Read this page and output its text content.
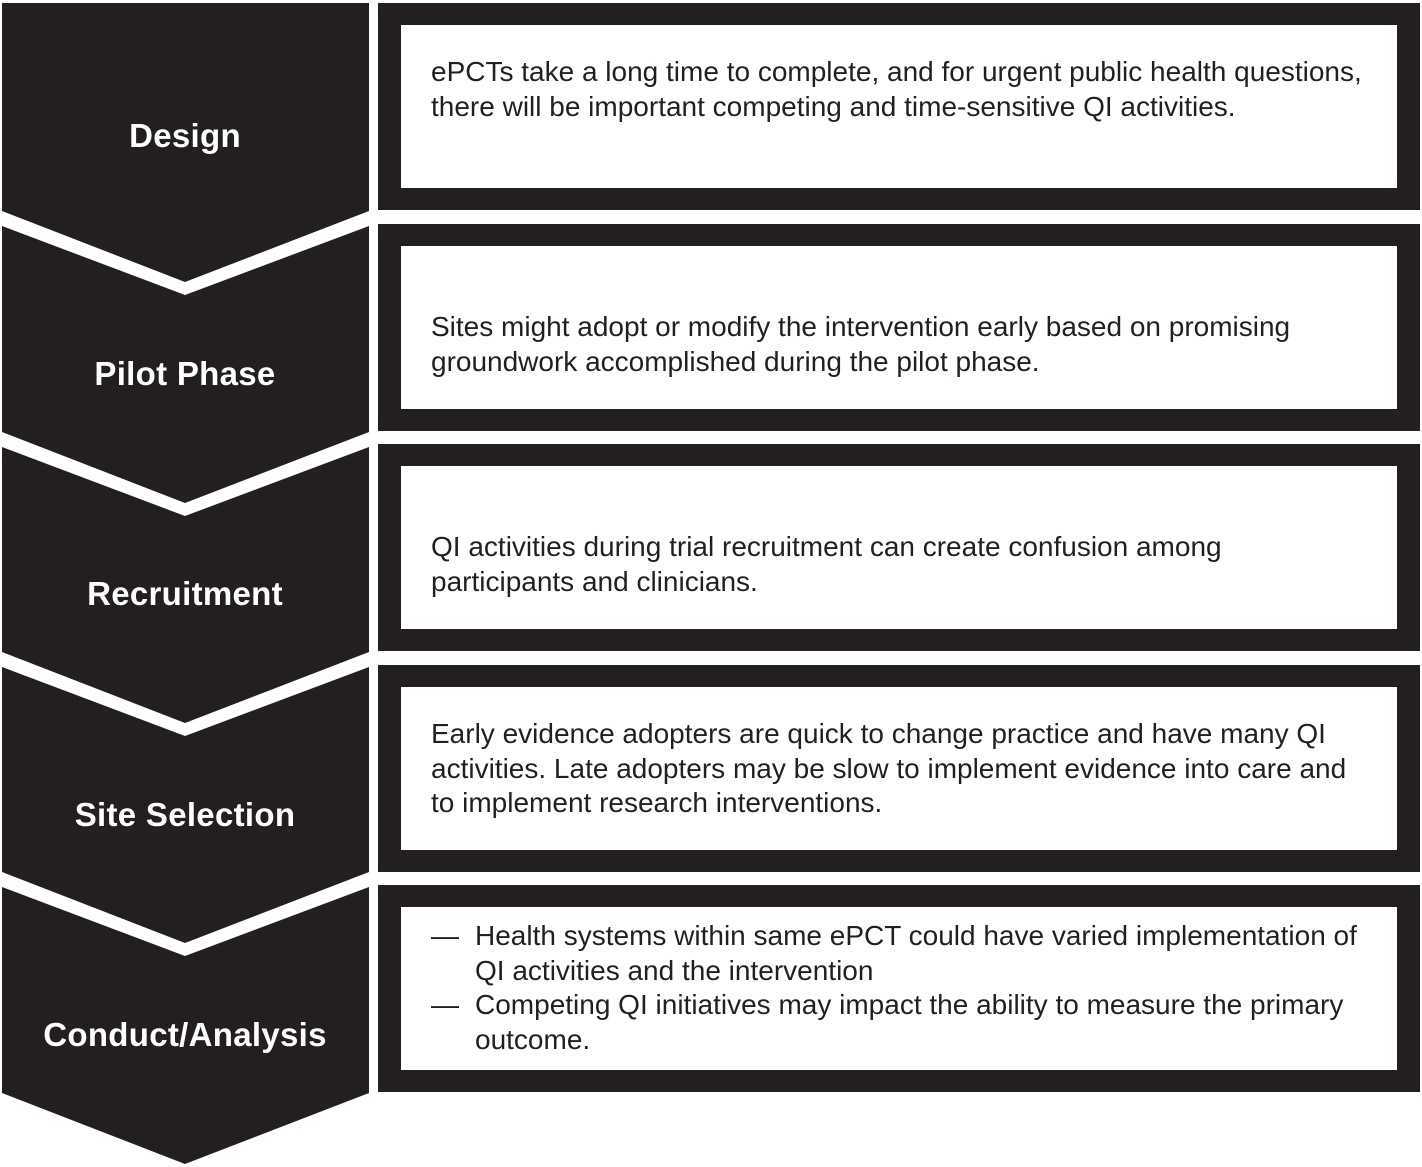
Design
Pilot Phase
Recruitment
Site Selection
Conduct/Analysis

ePCTs take a long time to complete, and for urgent public health questions, there will be important competing and time-sensitive QI activities.

Sites might adopt or modify the intervention early based on promising groundwork accomplished during the pilot phase.

QI activities during trial recruitment can create confusion among participants and clinicians.

Early evidence adopters are quick to change practice and have many QI activities. Late adopters may be slow to implement evidence into care and to implement research interventions.

— Health systems within same ePCT could have varied implementation of QI activities and the intervention
— Competing QI initiatives may impact the ability to measure the primary outcome.
